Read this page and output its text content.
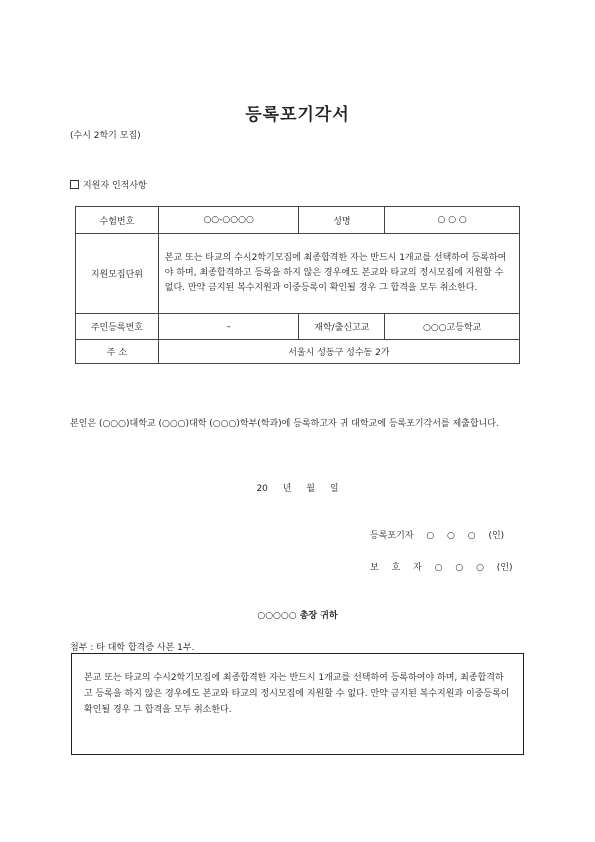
등록포기각서
(수시 2학기 모집)
지원자 인적사항
수험번호	○○-○○○○	성명	○ ○ ○
지원모집단위	본교 또는 타교의 수시2학기모집에 최종합격한 자는 반드시 1개교를 선택하여 등록하여야 하며, 최종합격하고 등록을 하지 않은 경우에도 본교와 타교의 정시모집에 지원할 수 없다. 만약 금지된 복수지원과 이중등록이 확인될 경우 그 합격을 모두 취소한다.		
주민등록번호	–	재학/출신고교	○○○고등학교
주 소	서울시 성동구 성수동 2가		
본인은 (○○○)대학교 (○○○)대학 (○○○)학부(학과)에 등록하고자 귀 대학교에 등록포기각서를 제출합니다.
20 년 월 일
등록포기자 ○ ○ ○ (인)
보 호 자 ○ ○ ○ (인)
○○○○○ 총장 귀하
첨부 : 타 대학 합격증 사본 1부.
본교 또는 타교의 수시2학기모집에 최종합격한 자는 반드시 1개교를 선택하여 등록하여야 하며, 최종합격하고 등록을 하지 않은 경우에도 본교와 타교의 정시모집에 지원할 수 없다. 만약 금지된 복수지원과 이중등록이 확인될 경우 그 합격을 모두 취소한다.
